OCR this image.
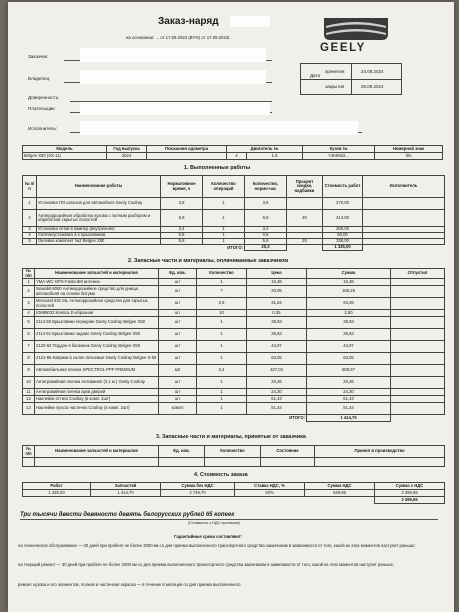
Заказ-наряд
на основании: ... от 17.09.2024 (BYN) от 17.09.2024г.
GEELY
Заказчик:
Владелец:
Доверенность:
Плательщик:
Исполнитель:
принятия	24.09.2024
закрытия	25.09.2024
Дата
Модель	Год выпуска	Показания одометра	Двигатель №		Кузов №	Номерной знак
Belgee X50 (SX-11)	2024		4	1.5	Y4K8822...	б/н
1. Выполненные работы
№ п/п	Наименование работы	Нормативное время, ч	Количество операций	Количество, нормо-час	Процент скидки, надбавки	Стоимость работ	Исполнитель
1	Установка ПО шлюзов для автомобиля Geely Coolray	3,8	1	3,8		270,00	
2	Антикоррозийная обработка кузова с полным разбором и обработкой скрытых полостей	6,9	1	6,9	20	414,00	
3	Установка сетки в бампер (внутренняя)	3,4	1	3,4		255,00	
4	Снятие/установка 4-х брызговиков	0,6	1	0,6		60,00	
5	Оклейка комплект №2 Belgee X50	5,6	1	5,6	20	336,00	
			ИТОГО:	20,3		1 335,00	
2. Запасные части и материалы, оплачиваемые заказчиком
№ п/п	Наименование запчастей и материалов	Ед. изм.	Количество	Цена	Сумма	Отпустил
1	YMA-WC-GPS-Fasta-6M антенна	шт	1	16,36	16,36	
2	Nowabit 6000 Антикоррозийное средство для днища автомобиля на основе битума	шт	7	30,05	168,26	
3	Mercasol 831 ML Антикоррозийное средство для скрытых полостей	шт	2,5	31,64	93,26	
4	IO689032 Клипса D-образная	шт	10	0,35	2,80	
5	2114-50 Брызговики передние Geely Coolray Belgee X50	шт	1	38,83	38,83	
6	2114-51 Брызговики задние Geely Coolray Belgee X50	шт	1	38,83	38,83	
7	2120-62 Поддон в багажник Geely Coolray Belgee X50	шт	1	44,97	44,97	
8	2121-65 Коврики в салон литьевые Geely Coolray Belgee X-50	шт	1	63,05	63,05	
9	Автомобильная пленка SPECTROL PPF PREMIUM	м2	2,4	337,03	808,87	
10	Антигравийная пленка Антивинил (0,1 м.) Geely Coolray	шт	1	20,26	20,26	
11	Антигравийная пленка арки дверей	шт	1	24,30	24,30	
12	Наклейки оттиск Coolray (в комп. 2шт)	шт	1	61,43	61,43	
13	Наклейки пульта частично Coolray (в комп. 2шт)	компл	1	51,44	51,44	
				ИТОГО:	1 414,70	
3. Запасные части и материалы, принятые от заказчика
№ п/п	Наименование запчастей и материалов	Ед. изм.	Количество	Состояние	Принял в производство

4. Стоимость заказа
Работ	Запчастей	Сумма без НДС	Ставка НДС, %	Сумма НДС	Сумма с НДС
1 335,00	1 414,70	2 749,70	20%	549,95	3 299,65
					3 299,65
Три тысячи двести девяносто девять белорусских рублей 65 копеек
(Стоимость с НДС прописью)
Гарантийные сроки составляют:
на техническое обслуживание — 20 дней при пробеге не более 2000 км со дня приема выполненного транспортного средства заказчиком в зависимости от того, какой из этих моментов наступит раньше;
на текущий ремонт — 30 дней при пробеге не более 2000 км со дня приема выполненного транспортного средства заказчиком в зависимости от того, какой из этих моментов наступит раньше;
ремонт кузова и его элементов, полная и частичная окраска — в течение 6 месяцев со дня приема выполненного
